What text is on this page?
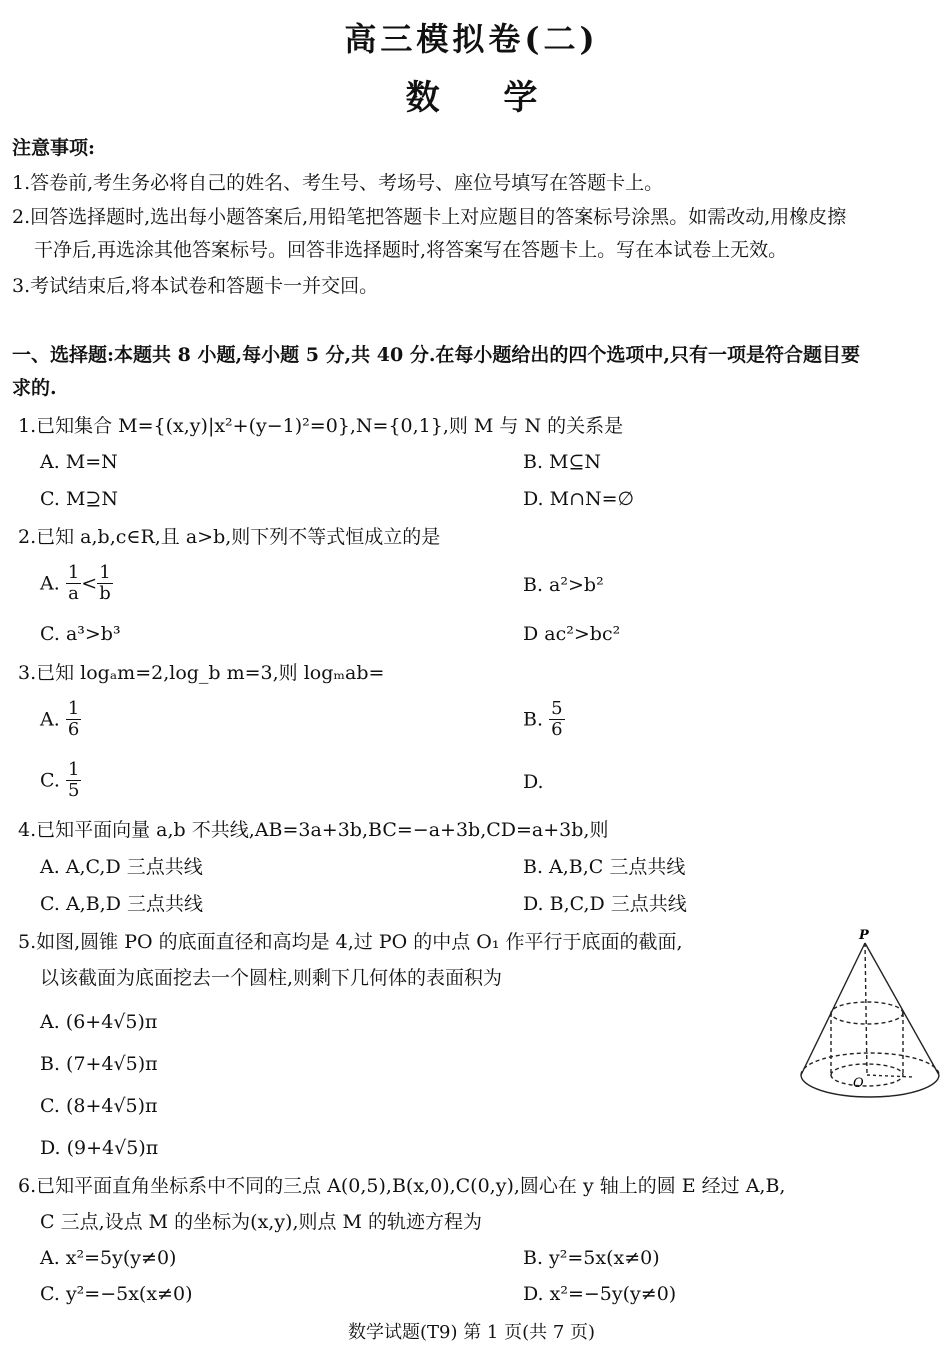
高三模拟卷(二)
数 学
注意事项:
1.答卷前,考生务必将自己的姓名、考生号、考场号、座位号填写在答题卡上。
2.回答选择题时,选出每小题答案后,用铅笔把答题卡上对应题目的答案标号涂黑。如需改动,用橡皮擦
干净后,再选涂其他答案标号。回答非选择题时,将答案写在答题卡上。写在本试卷上无效。
3.考试结束后,将本试卷和答题卡一并交回。
一、选择题:本题共 8 小题,每小题 5 分,共 40 分.在每小题给出的四个选项中,只有一项是符合题目要
求的.
1.已知集合 M={(x,y)|x²+(y−1)²=0},N={0,1},则 M 与 N 的关系是
A. M=N	B. M⊆N
C. M⊇N	D. M∩N=∅
2.已知 a,b,c∈R,且 a>b,则下列不等式恒成立的是
A. $\frac{1}{a} < \frac{1}{b}$	B. a²>b²
C. a³>b³	D ac²>bc²
3.已知 logₐm=2,log_b m=3,则 logₘab=
A. $\frac{1}{6}$	B. $\frac{5}{6}$
C. $\frac{1}{5}$	D.
4.已知平面向量 a,b 不共线,AB=3a+3b,BC=−a+3b,CD=a+3b,则
A. A,C,D 三点共线	B. A,B,C 三点共线
C. A,B,D 三点共线	D. B,C,D 三点共线
5.如图,圆锥 PO 的底面直径和高均是 4,过 PO 的中点 O₁ 作平行于底面的截面,
以该截面为底面挖去一个圆柱,则剩下几何体的表面积为
A. (6+4√5)π
B. (7+4√5)π
C. (8+4√5)π
D. (9+4√5)π
P
O
6.已知平面直角坐标系中不同的三点 A(0,5),B(x,0),C(0,y),圆心在 y 轴上的圆 E 经过 A,B,
C 三点,设点 M 的坐标为(x,y),则点 M 的轨迹方程为
A. x²=5y(y≠0)	B. y²=5x(x≠0)
C. y²=−5x(x≠0)	D. x²=−5y(y≠0)
数学试题(T9) 第 1 页(共 7 页)
